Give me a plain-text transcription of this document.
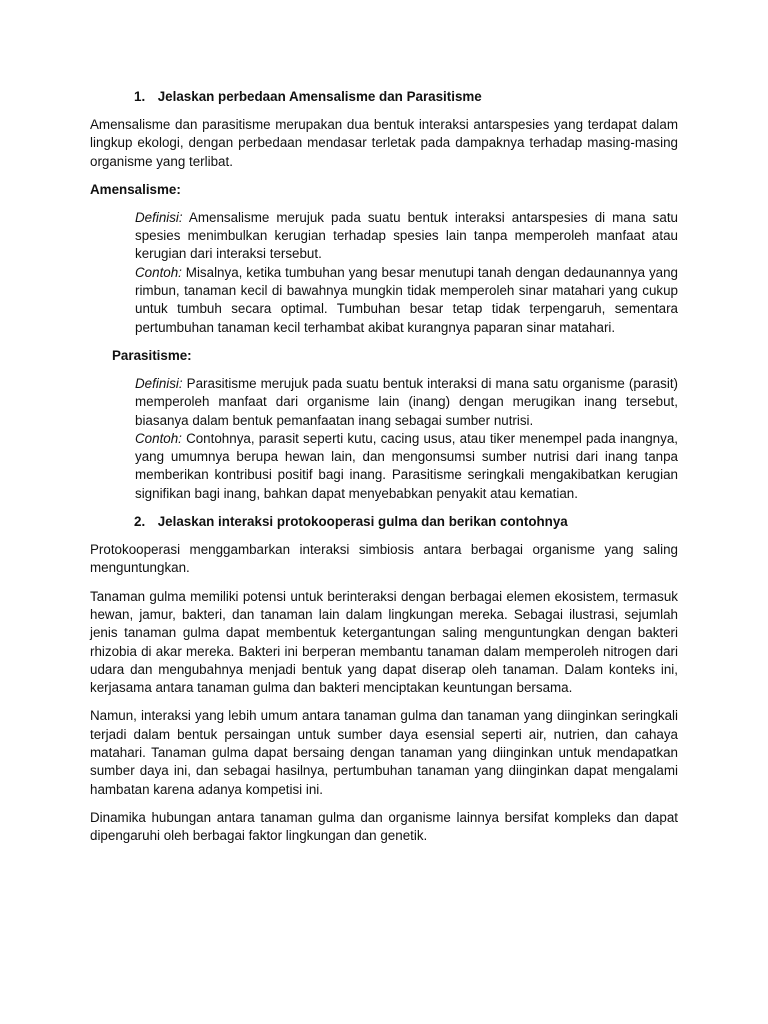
1. Jelaskan perbedaan Amensalisme dan Parasitisme

Amensalisme dan parasitisme merupakan dua bentuk interaksi antarspesies yang terdapat dalam lingkup ekologi, dengan perbedaan mendasar terletak pada dampaknya terhadap masing-masing organisme yang terlibat.

Amensalisme:

Definisi: Amensalisme merujuk pada suatu bentuk interaksi antarspesies di mana satu spesies menimbulkan kerugian terhadap spesies lain tanpa memperoleh manfaat atau kerugian dari interaksi tersebut.

Contoh: Misalnya, ketika tumbuhan yang besar menutupi tanah dengan dedaunannya yang rimbun, tanaman kecil di bawahnya mungkin tidak memperoleh sinar matahari yang cukup untuk tumbuh secara optimal. Tumbuhan besar tetap tidak terpengaruh, sementara pertumbuhan tanaman kecil terhambat akibat kurangnya paparan sinar matahari.

Parasitisme:

Definisi: Parasitisme merujuk pada suatu bentuk interaksi di mana satu organisme (parasit) memperoleh manfaat dari organisme lain (inang) dengan merugikan inang tersebut, biasanya dalam bentuk pemanfaatan inang sebagai sumber nutrisi.

Contoh: Contohnya, parasit seperti kutu, cacing usus, atau tiker menempel pada inangnya, yang umumnya berupa hewan lain, dan mengonsumsi sumber nutrisi dari inang tanpa memberikan kontribusi positif bagi inang. Parasitisme seringkali mengakibatkan kerugian signifikan bagi inang, bahkan dapat menyebabkan penyakit atau kematian.

2. Jelaskan interaksi protokooperasi gulma dan berikan contohnya

Protokooperasi menggambarkan interaksi simbiosis antara berbagai organisme yang saling menguntungkan.

Tanaman gulma memiliki potensi untuk berinteraksi dengan berbagai elemen ekosistem, termasuk hewan, jamur, bakteri, dan tanaman lain dalam lingkungan mereka. Sebagai ilustrasi, sejumlah jenis tanaman gulma dapat membentuk ketergantungan saling menguntungkan dengan bakteri rhizobia di akar mereka. Bakteri ini berperan membantu tanaman dalam memperoleh nitrogen dari udara dan mengubahnya menjadi bentuk yang dapat diserap oleh tanaman. Dalam konteks ini, kerjasama antara tanaman gulma dan bakteri menciptakan keuntungan bersama.

Namun, interaksi yang lebih umum antara tanaman gulma dan tanaman yang diinginkan seringkali terjadi dalam bentuk persaingan untuk sumber daya esensial seperti air, nutrien, dan cahaya matahari. Tanaman gulma dapat bersaing dengan tanaman yang diinginkan untuk mendapatkan sumber daya ini, dan sebagai hasilnya, pertumbuhan tanaman yang diinginkan dapat mengalami hambatan karena adanya kompetisi ini.

Dinamika hubungan antara tanaman gulma dan organisme lainnya bersifat kompleks dan dapat dipengaruhi oleh berbagai faktor lingkungan dan genetik.
